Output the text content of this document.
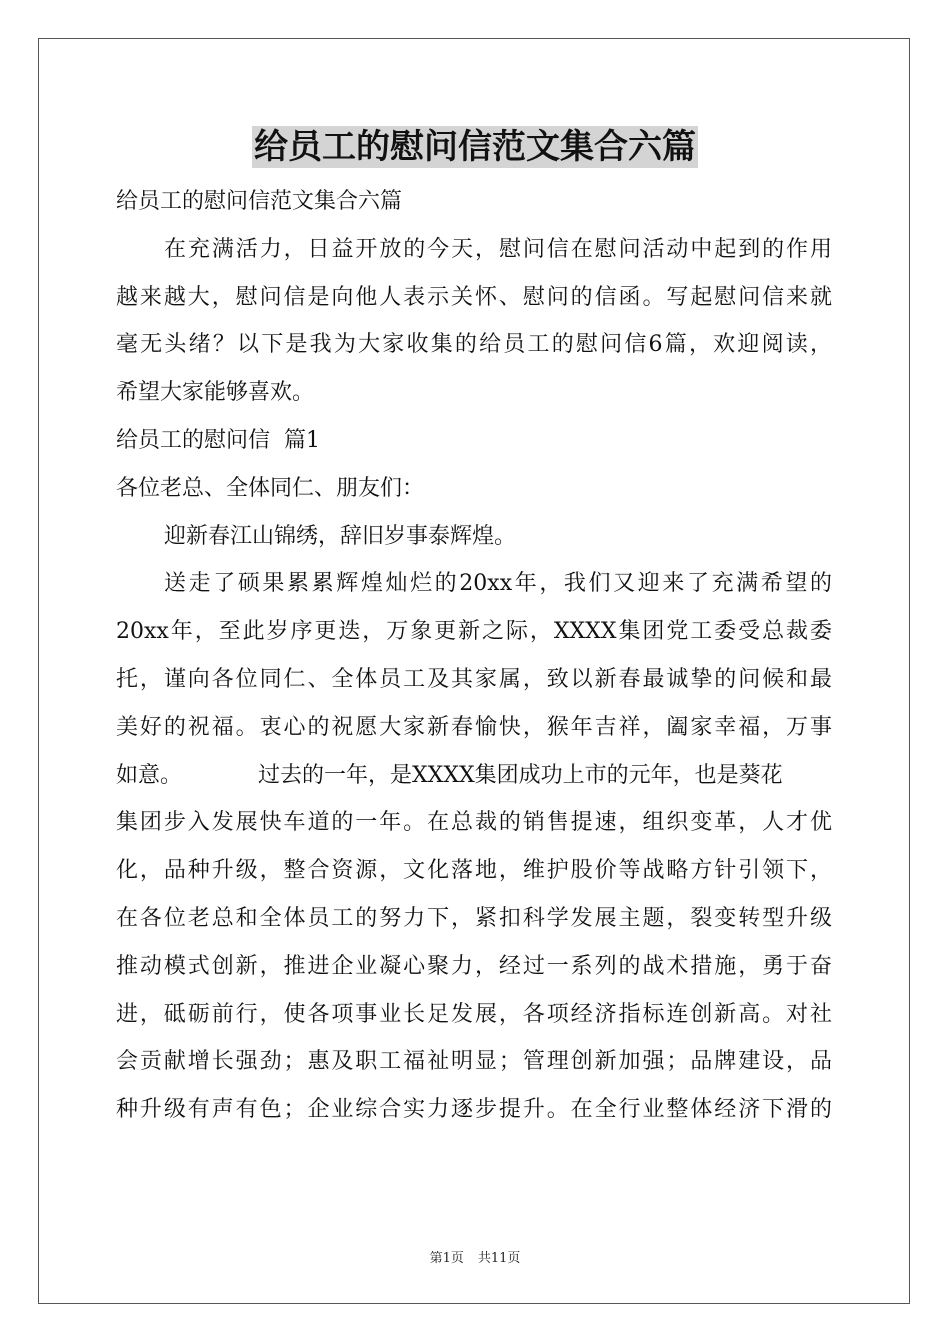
给员工的慰问信范文集合六篇
给员工的慰问信范文集合六篇
在充满活力，日益开放的今天，慰问信在慰问活动中起到的作用
越来越大，慰问信是向他人表示关怀、慰问的信函。写起慰问信来就
毫无头绪？以下是我为大家收集的给员工的慰问信6篇，欢迎阅读，
希望大家能够喜欢。
给员工的慰问信  篇1
各位老总、全体同仁、朋友们：
迎新春江山锦绣，辞旧岁事泰辉煌。
送走了硕果累累辉煌灿烂的20xx年，我们又迎来了充满希望的
20xx年，至此岁序更迭，万象更新之际，XXXX集团党工委受总裁委
托，谨向各位同仁、全体员工及其家属，致以新春最诚挚的问候和最
美好的祝福。衷心的祝愿大家新春愉快，猴年吉祥，阖家幸福，万事
如意。	过去的一年，是XXXX集团成功上市的元年，也是葵花
集团步入发展快车道的一年。在总裁的销售提速，组织变革，人才优
化，品种升级，整合资源，文化落地，维护股价等战略方针引领下，
在各位老总和全体员工的努力下，紧扣科学发展主题，裂变转型升级
推动模式创新，推进企业凝心聚力，经过一系列的战术措施，勇于奋
进，砥砺前行，使各项事业长足发展，各项经济指标连创新高。对社
会贡献增长强劲；惠及职工福祉明显；管理创新加强；品牌建设，品
种升级有声有色；企业综合实力逐步提升。在全行业整体经济下滑的
第1页 共11页
